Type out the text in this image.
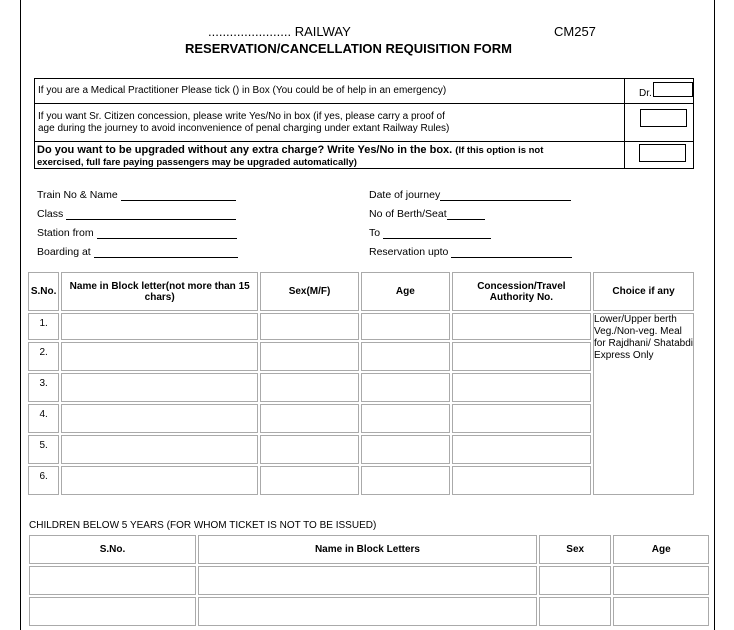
....................... RAILWAY	CM257
RESERVATION/CANCELLATION REQUISITION FORM
If you are a Medical Practitioner Please tick () in Box (You could be of help in an emergency)	Dr.
If you want Sr. Citizen concession, please write Yes/No in box (if yes, please carry a proof of
age during the journey to avoid inconvenience of penal charging under extant Railway Rules)
Do you want to be upgraded without any extra charge? Write Yes/No in the box. (If this option is not
exercised, full fare paying passengers may be upgraded automatically)
Train No & Name
Class
Station from
Boarding at
Date of journey
No of Berth/Seat
To
Reservation upto
S.No.	Name in Block letter(not more than 15 chars)	Sex(M/F)	Age	Concession/Travel Authority No.	Choice if any
1.					Lower/Upper berth Veg./Non-veg. Meal for Rajdhani/ Shatabdi Express Only
2.					
3.					
4.					
5.					
6.					
CHILDREN BELOW 5 YEARS (FOR WHOM TICKET IS NOT TO BE ISSUED)
S.No.	Name in Block Letters	Sex	Age
